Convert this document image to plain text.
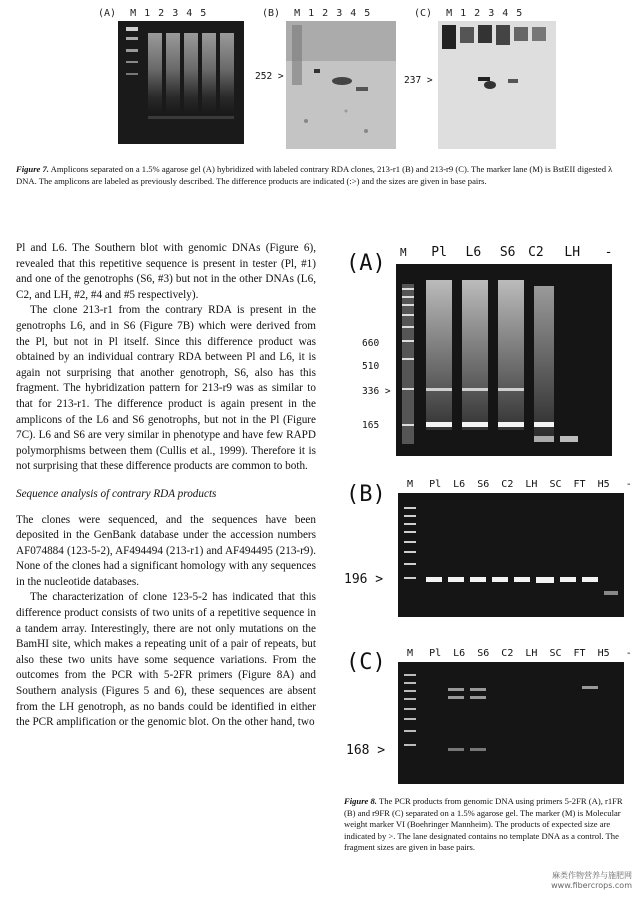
(A) M 1 2 3 4 5	(B) M 1 2 3 4 5
252 >
(C) M 1 2 3 4 5
237 >
Figure 7. Amplicons separated on a 1.5% agarose gel (A) hybridized with labeled contrary RDA clones, 213-r1 (B) and 213-r9 (C). The marker lane (M) is BstEII digested λ DNA. The amplicons are labeled as previously described. The difference products are indicated (:>) and the sizes are given in base pairs.

Pl and L6. The Southern blot with genomic DNAs (Figure 6), revealed that this repetitive sequence is present in tester (Pl, #1) and one of the genotrophs (S6, #3) but not in the other DNAs (L6, C2, and LH, #2, #4 and #5 respectively).

The clone 213-r1 from the contrary RDA is present in the genotrophs L6, and in S6 (Figure 7B) which were derived from the Pl, but not in Pl itself. Since this difference product was obtained by an individual contrary RDA between Pl and L6, it is again not surprising that another genotroph, S6, also has this fragment. The hybridization pattern for 213-r9 was as similar to that for 213-r1. The difference product is again present in the amplicons of the L6 and S6 genotrophs, but not in the Pl (Figure 7C). L6 and S6 are very similar in phenotype and have few RAPD polymorphisms between them (Cullis et al., 1999). Therefore it is not surprising that these difference products are common to both.

Sequence analysis of contrary RDA products

The clones were sequenced, and the sequences have been deposited in the GenBank database under the accession numbers AF074884 (123-5-2), AF494494 (213-r1) and AF494495 (213-r9). None of the clones had a significant homology with any sequences in the nucleotide databases.

The characterization of clone 123-5-2 has indicated that this difference product consists of two units of a repetitive sequence in a tandem array. Interestingly, there are not only mutations on the BamHI site, which makes a repeating unit of a pair of repeats, but also these two units have some sequence variations. From the outcomes from the PCR with 5-2FR primers (Figure 8A) and Southern analysis (Figures 5 and 6), these sequences are absent from the LH genotroph, as no bands could be identified in either the PCR amplification or the genomic blot. On the other hand, two

(A) M Pl L6 S6 C2 LH -
660
510
336 >
165
(B) M Pl L6 S6 C2 LH SC FT H5 -
196 >
(C) M Pl L6 S6 C2 LH SC FT H5 -
168 >
Figure 8. The PCR products from genomic DNA using primers 5-2FR (A), r1FR (B) and r9FR (C) separated on a 1.5% agarose gel. The marker (M) is Molecular weight marker VI (Boehringer Mannheim). The products of expected size are indicated by >. The lane designated contains no template DNA as a control. The fragment sizes are given in base pairs.
麻类作物营养与施肥网
www.fibercrops.com
